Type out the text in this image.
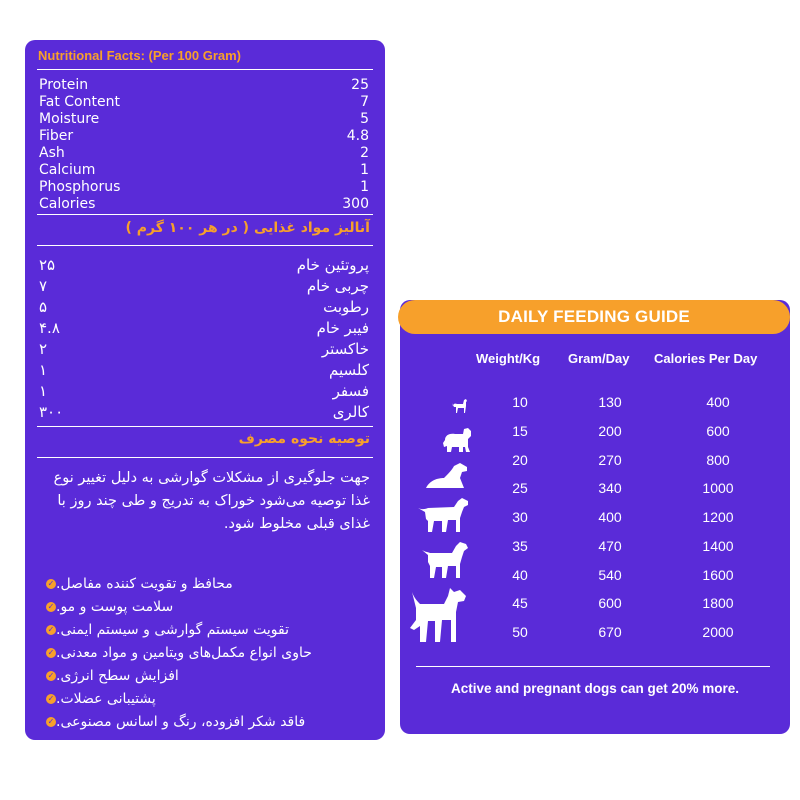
Nutritional Facts: (Per 100 Gram)
Protein	25
Fat Content	7
Moisture	5
Fiber	4.8
Ash	2
Calcium	1
Phosphorus	1
Calories	300
آنالیز مواد غذایی ( در هر ۱۰۰ گرم )
۲۵	پروتئین خام
۷	چربی خام
۵	رطوبت
۴.۸	فیبر خام
۲	خاکستر
۱	کلسیم
۱	فسفر
۳۰۰	کالری
توصیه نحوه مصرف
جهت جلوگیری از مشکلات گوارشی به دلیل تغییر نوع غذا توصیه می‌شود خوراک به تدریج و طی چند روز با غذای قبلی مخلوط شود.
✓ محافظ و تقویت کننده مفاصل.
✓ سلامت پوست و مو.
✓ تقویت سیستم گوارشی و سیستم ایمنی.
✓ حاوی انواع مکمل‌های ویتامین و مواد معدنی.
✓ افزایش سطح انرژی.
✓ پشتیبانی عضلات.
✓ فاقد شکر افزوده، رنگ و اسانس مصنوعی.
DAILY FEEDING GUIDE
Weight/Kg Gram/Day Calories Per Day
10	130	400
15	200	600
20	270	800
25	340	1000
30	400	1200
35	470	1400
40	540	1600
45	600	1800
50	670	2000
Active and pregnant dogs can get 20% more.
